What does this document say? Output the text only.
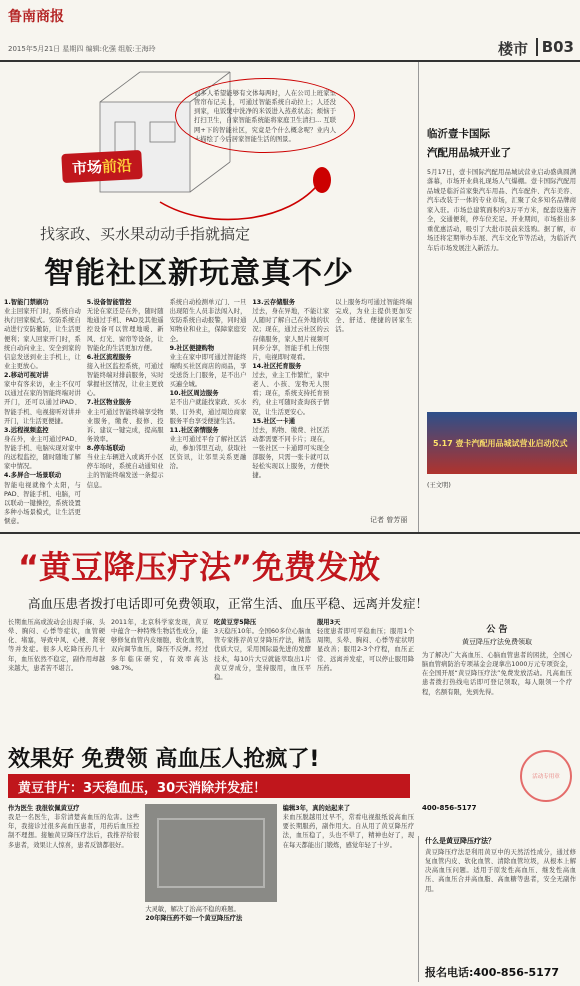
鲁南商报
2015年5月21日 星期四 编辑:化强 组版:王海玲	楼市 B03
很多人希望能够有文体每两时，人在公司上班家里管帘布记关上，可通过智能系统自动拉上；人还没到家，电饭煲中洗净的米饭进入蒸煮状态；烦恼于打扫卫生，自家智能系统能将家庭卫生清扫… 互联网+下的智能社区，究竟是个什么概念呢？业内人士描绘了今后居家智能生活的图景。
市场前沿
找家政、买水果动动手指就搞定
智能社区新玩意真不少
1.智能门禁刷功
业主回家开门时，系统自动执行回家模式。安防系统自动进行安防撤防，让生活更便利；家人回家开门时，系统自动向业主、安全到家的信息发送到业主手机上，让业主更放心。
2.移动可视对讲
家中有客来访，业主不仅可以通过在家的智能终端对讲开门，还可以通过iPAD、智能手机、电视接听对讲并开门，让生活更便捷。
3.远程视频监控
身在外，业主可通过PAD、智能手机、电脑实现对家中的远程监控，随时随地了解家中情况。
4.多屏合一场景联动
智能电视就像个太阳，与PAD、智能手机、电脑，可以联动一键操控，系统设置多种小场景模式，让生活更惬意。
5.设备智能管控
无论在家还是在外，随时随地通过手机、PAD及其他遥控设备可以管理地暖、新风、灯光、窗帘等设备，让智能化的生活更加方便。
6.社区流程服务
接入社区监控系统，可通过智能终端对排前服务，实时掌握社区情况，让业主更放心。
7.社区物业服务
业主可通过智能终端享受物业服务，缴费、报修、投诉、建议一键完成，提高服务效率。
8.停车场联动
当业主车辆进入或离开小区停车场时，系统自动通知业主的智能终端发送一条提示信息。
系统自动检测单元门、一旦出现陌生人员非法闯入时，安防系统自动报警，同时通知物业和业主，保障家庭安全。
9.社区便捷购物
业主在家中即可通过智能终端购买社区商店的商品，享受送货上门服务，足不出户买遍全城。
10.社区周边服务
足不出户就能找家政、买水果、订外卖，通过周边商家服务平台享受便捷生活。
11.社区亲情服务
业主可通过平台了解社区活动，参加邻里互动，获取社区资讯，让邻里关系更融洽。
13.云存储服务
过去，身在异地，不能让家人随时了解自己在外地的状况；现在，通过云社区的云存储服务，家人照片视频可同步分享，智能手机上传照片，电视即时观看。
14.社区托育服务
过去，业主工作繁忙，家中老人、小孩、宠物无人照看；现在，系统支持托育预约，业主可随时查询孩子情况，让生活更安心。
15.社区一卡通
过去，购物、缴费、社区活动都需要不同卡片；现在，一张社区一卡通即可实现全部服务，只需一张卡就可以轻松实现以上服务，方便快捷。
以上服务均可通过智能终端完成，为业主提供更加安全、舒适、便捷的居家生活。
记者 曾芳丽
临沂壹卡国际
汽配用品城开业了
5月17日，壹卡国际汽配用品城试营业启动盛典圆满落幕，市场开业典礼现场人气爆棚。壹卡国际汽配用品城是临沂首家集汽车用品、汽车配件、汽车美容、汽车改装于一体的专业市场，汇聚了众多知名品牌商家入驻。市场总建筑面积约3万平方米，配套设施齐全，交通便利，停车位充足。开业期间，市场推出多重优惠活动，吸引了大批市民前来选购。据了解，市场还将定期举办车展、汽车文化节等活动，为临沂汽车后市场发展注入新活力。
5.17 壹卡汽配用品城试营业启动仪式
(王文明)
“黄豆降压疗法”免费发放
高血压患者拨打电话即可免费领取，正常生活、血压平稳、远离并发症！
长期血压高或波动会出现手麻、头晕、胸闷、心悸等症状，血管硬化、堵塞，导致中风、心梗、肾衰等并发症。很多人吃降压药几十年，血压依然不稳定，副作用却越来越大，患者苦不堪言。
2011年，北京科学家发现，黄豆中蕴含一种特殊生物活性成分，能够修复血管内皮细胞，软化血管，双向调节血压，降压不反弹。经过多年临床研究，有效率高达98.7%。
吃黄豆芽5降压
3天稳压10年。全国60多位心脑血管专家推荐黄豆芽降压疗法，精选优质大豆，采用国际最先进的发酵技术，每10片大豆就能萃取出1片黄豆芽成分，坚持服用，血压平稳。
服用3天
轻度患者即可平稳血压；服用1个周期，头晕、胸闷、心悸等症状明显改善；服用2-3个疗程，血压正常、远离并发症，可以停止服用降压药。
公 告
黄豆降压疗法免费领取
为了解决广大高血压、心脑血管患者的困扰，全国心脑血管病防治专项基金会现拿出1000万元专项资金，在全国开展“黄豆降压疗法”免费发放活动。凡高血压患者拨打热线电话即可登记领取，每人限领一个疗程，名额有限，先到先得。
400-856-5177
活动专用章
效果好 免费领 高血压人抢疯了!
黄豆苷片：3天稳血压，30天消除并发症！
作为医生 我很钦佩黄豆疗
我是一名医生，非常清楚高血压的危害。这些年，我接诊过很多高血压患者，用药后血压控制不理想。接触黄豆降压疗法后，我推荐给很多患者，效果让人惊喜，患者反馈都很好。
大灵敏，解决了治高不稳的难题。
20年降压药不如一个黄豆降压疗法
编辑3年，真的站起来了
来血压脱越用过早不，常看电视报纸说高血压要长期服药，副作用大。自从用了黄豆降压疗法，血压稳了，头也不晕了，精神也好了，现在每天都能出门锻炼，感觉年轻了十岁。	什么是黄豆降压疗法？
黄豆降压疗法是利用黄豆中的天然活性成分，通过修复血管内皮、软化血管、清除血管垃圾，从根本上解决高血压问题。适用于原发性高血压、继发性高血压、高血压合并高血脂、高血糖等患者，安全无副作用。
报名电话:400-856-5177
